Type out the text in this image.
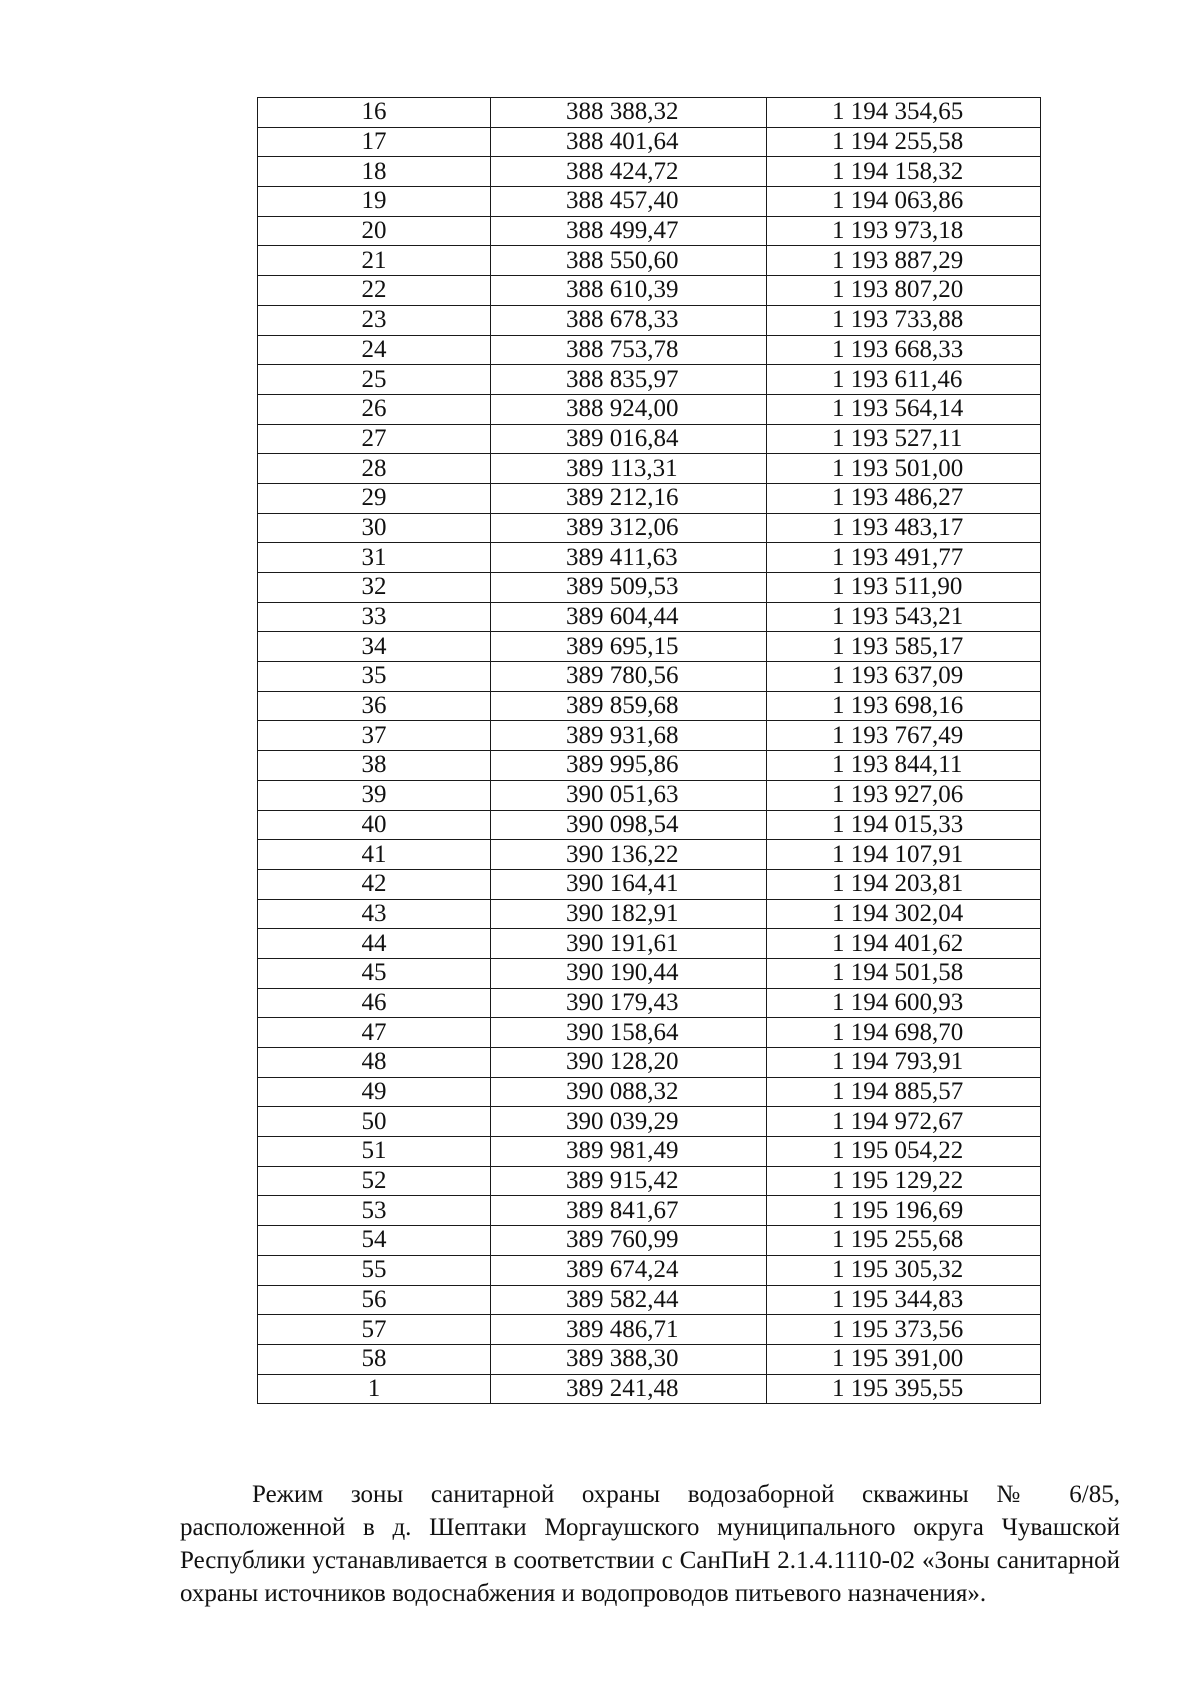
16	388 388,32	1 194 354,65
17	388 401,64	1 194 255,58
18	388 424,72	1 194 158,32
19	388 457,40	1 194 063,86
20	388 499,47	1 193 973,18
21	388 550,60	1 193 887,29
22	388 610,39	1 193 807,20
23	388 678,33	1 193 733,88
24	388 753,78	1 193 668,33
25	388 835,97	1 193 611,46
26	388 924,00	1 193 564,14
27	389 016,84	1 193 527,11
28	389 113,31	1 193 501,00
29	389 212,16	1 193 486,27
30	389 312,06	1 193 483,17
31	389 411,63	1 193 491,77
32	389 509,53	1 193 511,90
33	389 604,44	1 193 543,21
34	389 695,15	1 193 585,17
35	389 780,56	1 193 637,09
36	389 859,68	1 193 698,16
37	389 931,68	1 193 767,49
38	389 995,86	1 193 844,11
39	390 051,63	1 193 927,06
40	390 098,54	1 194 015,33
41	390 136,22	1 194 107,91
42	390 164,41	1 194 203,81
43	390 182,91	1 194 302,04
44	390 191,61	1 194 401,62
45	390 190,44	1 194 501,58
46	390 179,43	1 194 600,93
47	390 158,64	1 194 698,70
48	390 128,20	1 194 793,91
49	390 088,32	1 194 885,57
50	390 039,29	1 194 972,67
51	389 981,49	1 195 054,22
52	389 915,42	1 195 129,22
53	389 841,67	1 195 196,69
54	389 760,99	1 195 255,68
55	389 674,24	1 195 305,32
56	389 582,44	1 195 344,83
57	389 486,71	1 195 373,56
58	389 388,30	1 195 391,00
1	389 241,48	1 195 395,55

Режим зоны санитарной охраны водозаборной скважины № 6/85, расположенной в д. Шептаки Моргаушского муниципального округа Чувашской Республики устанавливается в соответствии с СанПиН 2.1.4.1110-02 «Зоны санитарной охраны источников водоснабжения и водопроводов питьевого назначения».
